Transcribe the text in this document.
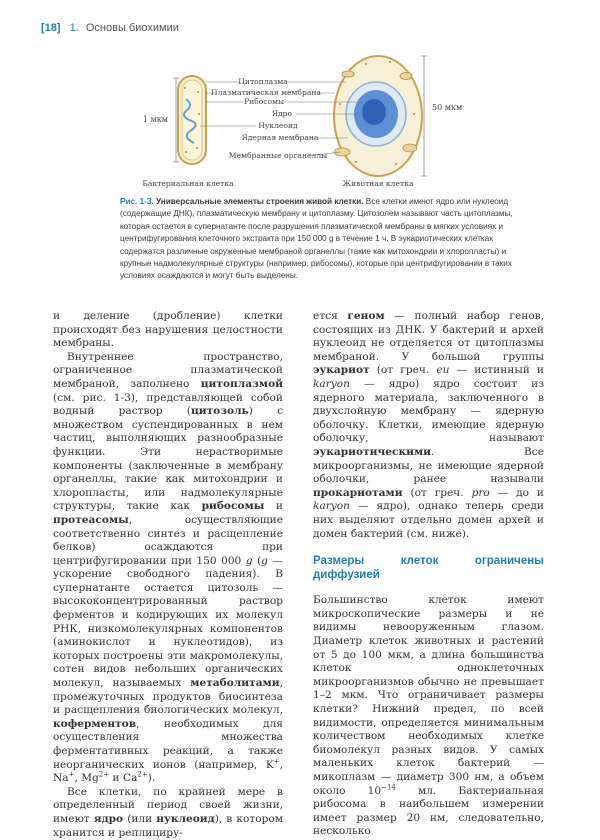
[18] 1. Основы биохимии
1 мкм
50 мкм
Цитоплазма
Плазматическая мембрана
Рибосомы
Ядро
Нуклеоид
Ядерная мембрана
Мембранные органеллы
Бактериальная клетка	Животная клетка
Рис. 1-3. Универсальные элементы строения живой клетки. Все клетки имеют ядро или нуклеоид (содержащие ДНК), плазматическую мембрану и цитоплазму. Цитозолем называют часть цитоплазмы, которая остается в супернатанте после разрушения плазматической мембраны в мягких условиях и центрифугирования клеточного экстракта при 150 000 g в течение 1 ч. В эукариотических клетках содержатся различные окруженные мембраной органеллы (такие как митохондрии и хлоропласты) и крупные надмолекулярные структуры (например, рибосомы), которые при центрифугировании в таких условиях осаждаются и могут быть выделены.

и деление (дробление) клетки происходят без нарушения целостности мембраны.

Внутреннее пространство, ограниченное плазматической мембраной, заполнено цитоплазмой (см. рис. 1-3), представляющей собой водный раствор (цитозоль) с множеством суспендированных в нем частиц, выполняющих разнообразные функции. Эти нерастворимые компоненты (заключенные в мембрану органеллы, такие как митохондрии и хлоропласты, или надмолекулярные структуры, такие как рибосомы и протеасомы, осуществляющие соответственно синтез и расщепление белков) осаждаются при центрифугировании при 150 000 g (g — ускорение свободного падения). В супернатанте остается цитозоль — высококонцентрированный раствор ферментов и кодирующих их молекул РНК, низкомолекулярных компонентов (аминокислот и нуклеотидов), из которых построены эти макромолекулы, сотен видов небольших органических молекул, называемых метаболитами, промежуточных продуктов биосинтеза и расщепления биологических молекул, коферментов, необходимых для осуществления множества ферментативных реакций, а также неорганических ионов (например, K+, Na+, $Mg^{2+}$ и $Ca^{2+}$).

Все клетки, по крайней мере в определенный период своей жизни, имеют ядро (или нуклеоид), в котором хранится и реплициру-

ется геном — полный набор генов, состоящих из ДНК. У бактерий и архей нуклеоид не отделяется от цитоплазмы мембраной. У большой группы эукариот (от греч. eu — истинный и karyon — ядро) ядро состоит из ядерного материала, заключенного в двухслойную мембрану — ядерную оболочку. Клетки, имеющие ядерную оболочку, называют эукариотическими. Все микроорганизмы, не имеющие ядерной оболочки, ранее называли прокариотами (от греч. pro — до и karyon — ядро), однако теперь среди них выделяют отдельно домен архей и домен бактерий (см. ниже).

Размеры клеток ограничены диффузией

Большинство клеток имеют микроскопические размеры и не видимы невооруженным глазом. Диаметр клеток животных и растений от 5 до 100 мкм, а длина большинства клеток одноклеточных микроорганизмов обычно не превышает 1–2 мкм. Что ограничивает размеры клетки? Нижний предел, по всей видимости, определяется минимальным количеством необходимых клетке биомолекул разных видов. У самых маленьких клеток бактерий — микоплазм — диаметр 300 нм, а объем около $10^{-14}$ мл. Бактериальная рибосома в наибольшем измерении имеет размер 20 нм, следовательно, несколько
